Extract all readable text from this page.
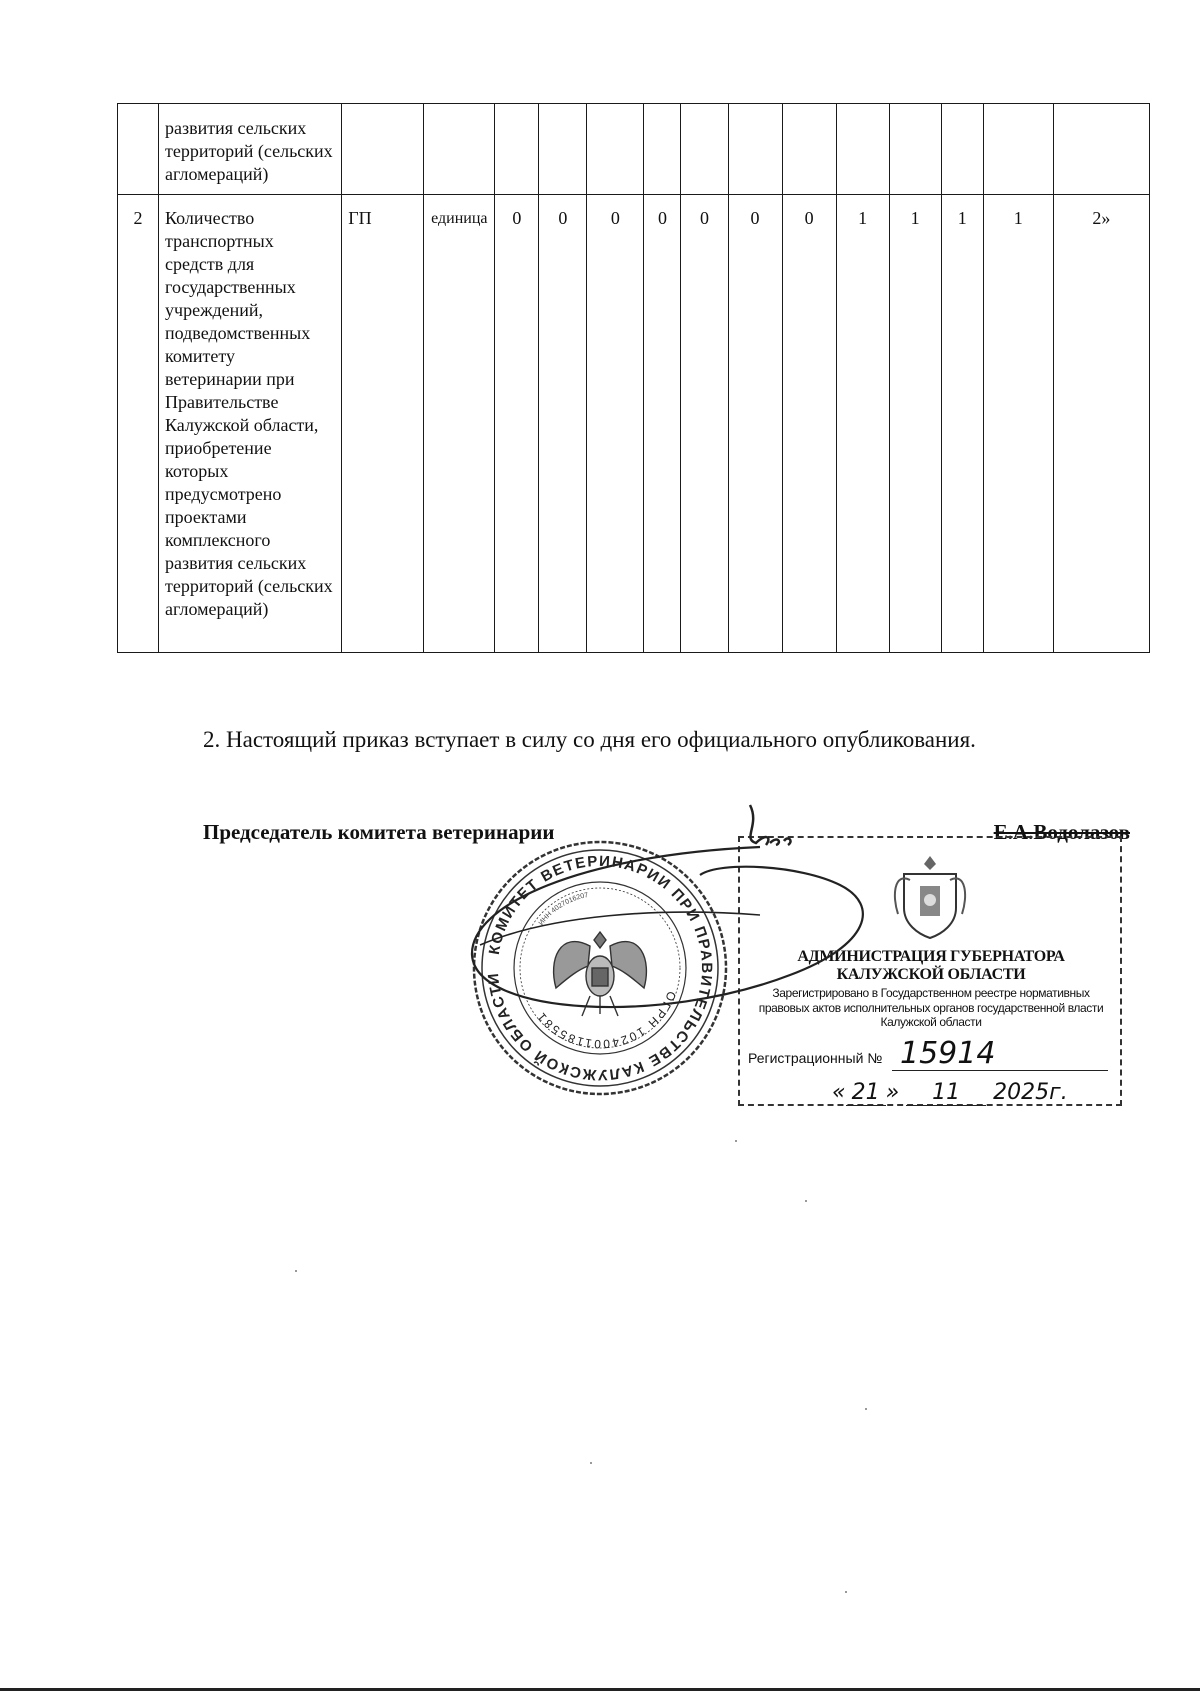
	развития сельских территорий (сельских агломераций)														
2	Количество транспортных средств для государственных учреждений, подведомственных комитету ветеринарии при Правительстве Калужской области, приобретение которых предусмотрено проектами комплексного развития сельских территорий (сельских агломераций)	ГП	единица	0	0	0	0	0	0	0	1	1	1	1	2»
2. Настоящий приказ вступает в силу со дня его официального опубликования.
Председатель комитета ветеринарии	Е.А.Водолазов
КОМИТЕТ ВЕТЕРИНАРИИ ПРИ ПРАВИТЕЛЬСТВЕ КАЛУЖСКОЙ ОБЛАСТИ
ОГРН 1024001185581
ИНН 4027016207
АДМИНИСТРАЦИЯ ГУБЕРНАТОРА КАЛУЖСКОЙ ОБЛАСТИ
Зарегистрировано в Государственном реестре нормативных правовых актов исполнительных органов государственной власти Калужской области
Регистрационный № 15914
« 21 » 11 2025г.
